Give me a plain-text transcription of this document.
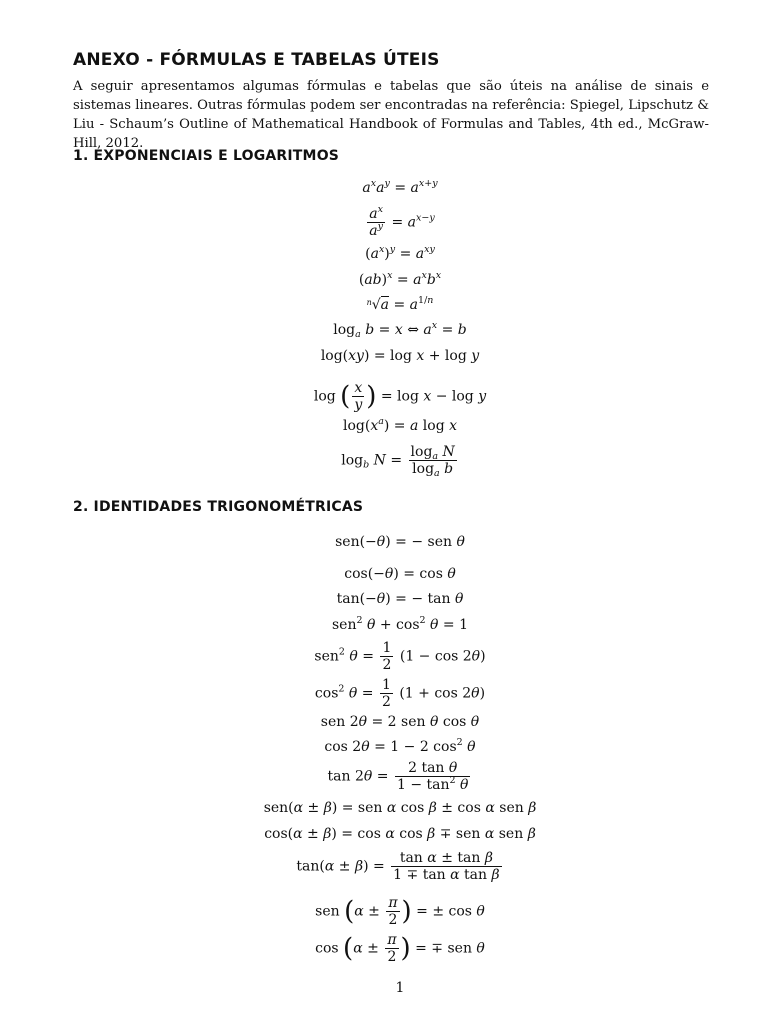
ANEXO - FÓRMULAS E TABELAS ÚTEIS
A seguir apresentamos algumas fórmulas e tabelas que são úteis na análise de sinais e sistemas lineares. Outras fórmulas podem ser encontradas na referência: Spiegel, Lipschutz & Liu - Schaum’s Outline of Mathematical Handbook of Formulas and Tables, 4th ed., McGraw-Hill, 2012.
1. EXPONENCIAIS E LOGARITMOS
$a^xa^y = a^{x+y}$
$\frac{a^x}{a^y} = a^{x-y}$
$(a^x)^y = a^{xy}$
$(ab)^x = a^xb^x$
$^n√a = a^{1/n}$
$\log_a b = x$ ⇔ $a^x = b$
log(xy) = log x + log y
log ( $\frac{x}{y}$ ) = log x − log y
$\log(x^a) = a$ log x
$\log_b N = \frac{\log_a N}{\log_a b}$
2. IDENTIDADES TRIGONOMÉTRICAS
sen(−θ) = − sen θ
cos(−θ) = cos θ
tan(−θ) = − tan θ
sen$^2$ $\theta + \cos^2 \theta = 1$
sen$^2$ $\theta = \frac{1}{2} (1 - \cos 2\theta)$
$\cos^2 \theta = \frac{1}{2} (1 + \cos 2\theta)$
sen 2θ = 2 sen θ cos θ
cos 2θ = 1 − 2 $\cos^2 \theta$
$\tan 2\theta = \frac{\text{2 tan θ}}{1 - \tan^2 \theta}$
sen(α ± β) = sen α cos β ± cos α sen β
cos(α ± β) = cos α cos β ∓ sen α sen β
$\tan(\alpha \pm \beta) = \frac{\text{tan α ± tan β}}{\text{1 ∓ tan α tan β}}$
sen ($\alpha \pm \frac{\pi}{2}$ ) = ± cos θ
$\cos (\alpha \pm \frac{\pi}{2}$ ) = ∓ sen θ
1
